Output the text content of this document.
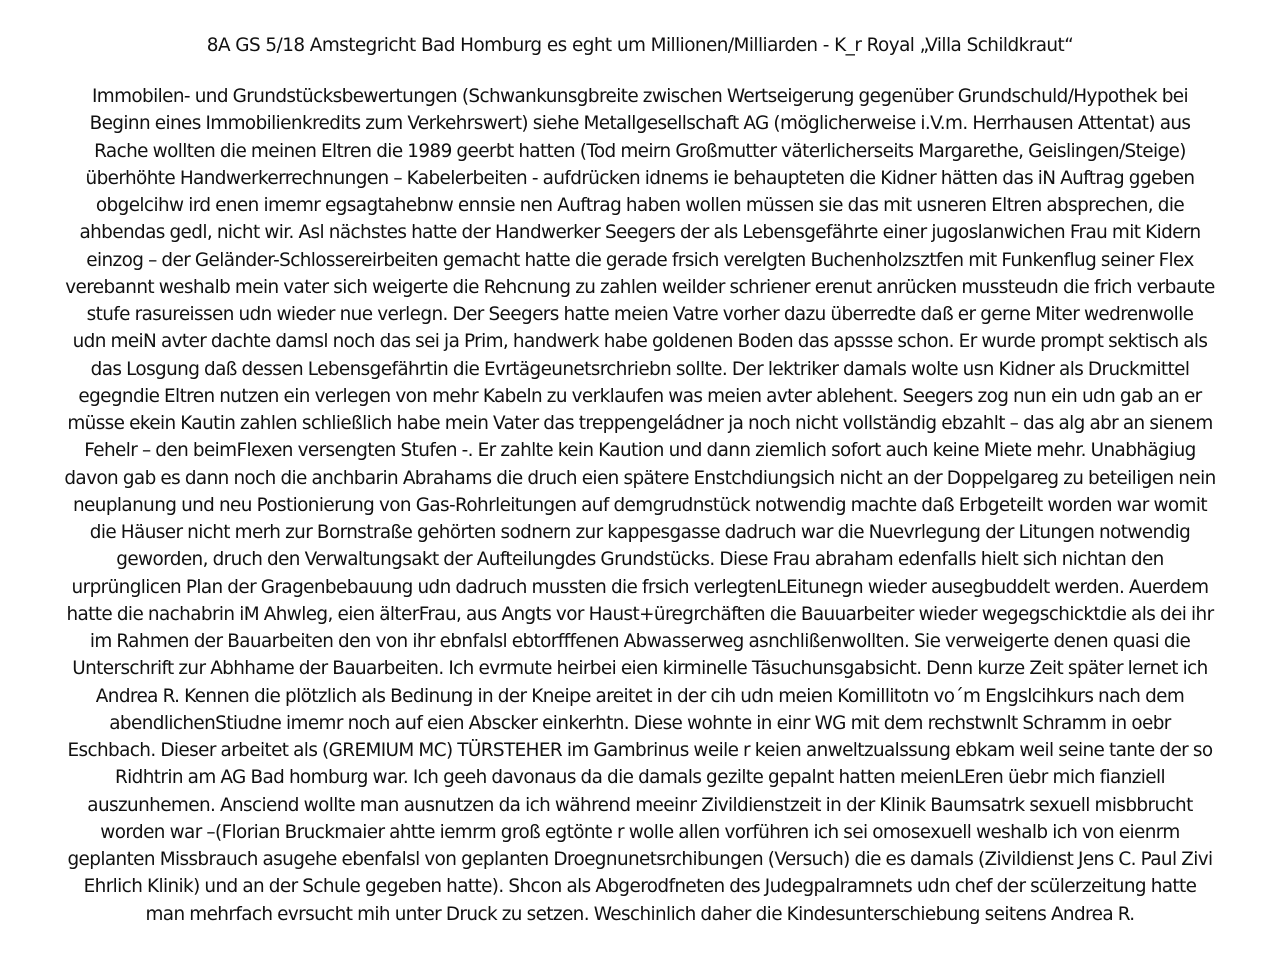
8A GS 5/18 Amstegricht Bad Homburg es eght um Millionen/Milliarden - K_r Royal „Villa Schildkraut“
Immobilen- und Grundstücksbewertungen (Schwankunsgbreite zwischen Wertseigerung gegenüber Grundschuld/Hypothek bei
Beginn eines Immobilienkredits zum Verkehrswert) siehe Metallgesellschaft AG (möglicherweise i.V.m. Herrhausen Attentat) aus
Rache wollten die meinen Eltren die 1989 geerbt hatten (Tod meirn Großmutter väterlicherseits Margarethe, Geislingen/Steige)
überhöhte Handwerkerrechnungen – Kabelerbeiten - aufdrücken idnems ie behaupteten die Kidner hätten das iN Auftrag ggeben
obgelcihw ird enen imemr egsagtahebnw ennsie nen Auftrag haben wollen müssen sie das mit usneren Eltren absprechen, die
ahbendas gedl, nicht wir. Asl nächstes hatte der Handwerker Seegers der als Lebensgefährte einer jugoslanwichen Frau mit Kidern
einzog – der Geländer-Schlossereirbeiten gemacht hatte die gerade frsich verelgten Buchenholzsztfen mit Funkenflug seiner Flex
verebannt weshalb mein vater sich weigerte die Rehcnung zu zahlen weilder schriener erenut anrücken mussteudn die frich verbaute
stufe rasureissen udn wieder nue verlegn. Der Seegers hatte meien Vatre vorher dazu überredte daß er gerne Miter wedrenwolle
udn meiN avter dachte damsl noch das sei ja Prim, handwerk habe goldenen Boden das apssse schon. Er wurde prompt sektisch als
das Losgung daß dessen Lebensgefährtin die Evrtägeunetsrchriebn sollte. Der lektriker damals wolte usn Kidner als Druckmittel
egegndie Eltren nutzen ein verlegen von mehr Kabeln zu verklaufen was meien avter ablehent. Seegers zog nun ein udn gab an er
müsse ekein Kautin zahlen schließlich habe mein Vater das treppengeládner ja noch nicht vollständig ebzahlt – das alg abr an sienem
Fehelr – den beimFlexen versengten Stufen -. Er zahlte kein Kaution und dann ziemlich sofort auch keine Miete mehr. Unabhägiug
davon gab es dann noch die anchbarin Abrahams die druch eien spätere Enstchdiungsich nicht an der Doppelgareg zu beteiligen nein
neuplanung und neu Postionierung von Gas-Rohrleitungen auf demgrudnstück notwendig machte daß Erbgeteilt worden war womit
die Häuser nicht merh zur Bornstraße gehörten sodnern zur kappesgasse dadruch war die Nuevrlegung der Litungen notwendig
geworden, druch den Verwaltungsakt der Aufteilungdes Grundstücks. Diese Frau abraham edenfalls hielt sich nichtan den
urprünglicen Plan der Gragenbebauung udn dadruch mussten die frsich verlegtenLEitunegn wieder ausegbuddelt werden. Auerdem
hatte die nachabrin iM Ahwleg, eien älterFrau, aus Angts vor Haust+üregrchäften die Bauuarbeiter wieder wegegschicktdie als dei ihr
im Rahmen der Bauarbeiten den von ihr ebnfalsl ebtorfffenen Abwasserweg asnchlißenwollten. Sie verweigerte denen quasi die
Unterschrift zur Abhhame der Bauarbeiten. Ich evrmute heirbei eien kirminelle Täsuchunsgabsicht. Denn kurze Zeit später lernet ich
Andrea R. Kennen die plötzlich als Bedinung in der Kneipe areitet in der cih udn meien Komillitotn vo´m Engslcihkurs nach dem
abendlichenStiudne imemr noch auf eien Abscker einkerhtn. Diese wohnte in einr WG mit dem rechstwnlt Schramm in oebr
Eschbach. Dieser arbeitet als (GREMIUM MC) TÜRSTEHER im Gambrinus weile r keien anweltzualssung ebkam weil seine tante der so
Ridhtrin am AG Bad homburg war. Ich geeh davonaus da die damals gezilte gepalnt hatten meienLEren üebr mich fianziell
auszunhemen. Ansciend wollte man ausnutzen da ich während meeinr Zivildienstzeit in der Klinik Baumsatrk sexuell misbbrucht
worden war –(Florian Bruckmaier ahtte iemrm groß egtönte r wolle allen vorführen ich sei omosexuell weshalb ich von eienrm
geplanten Missbrauch asugehe ebenfalsl von geplanten Droegnunetsrchibungen (Versuch) die es damals (Zivildienst Jens C. Paul Zivi
Ehrlich Klinik) und an der Schule gegeben hatte). Shcon als Abgerodfneten des Judegpalramnets udn chef der scülerzeitung hatte
man mehrfach evrsucht mih unter Druck zu setzen. Weschinlich daher die Kindesunterschiebung seitens Andrea R.
